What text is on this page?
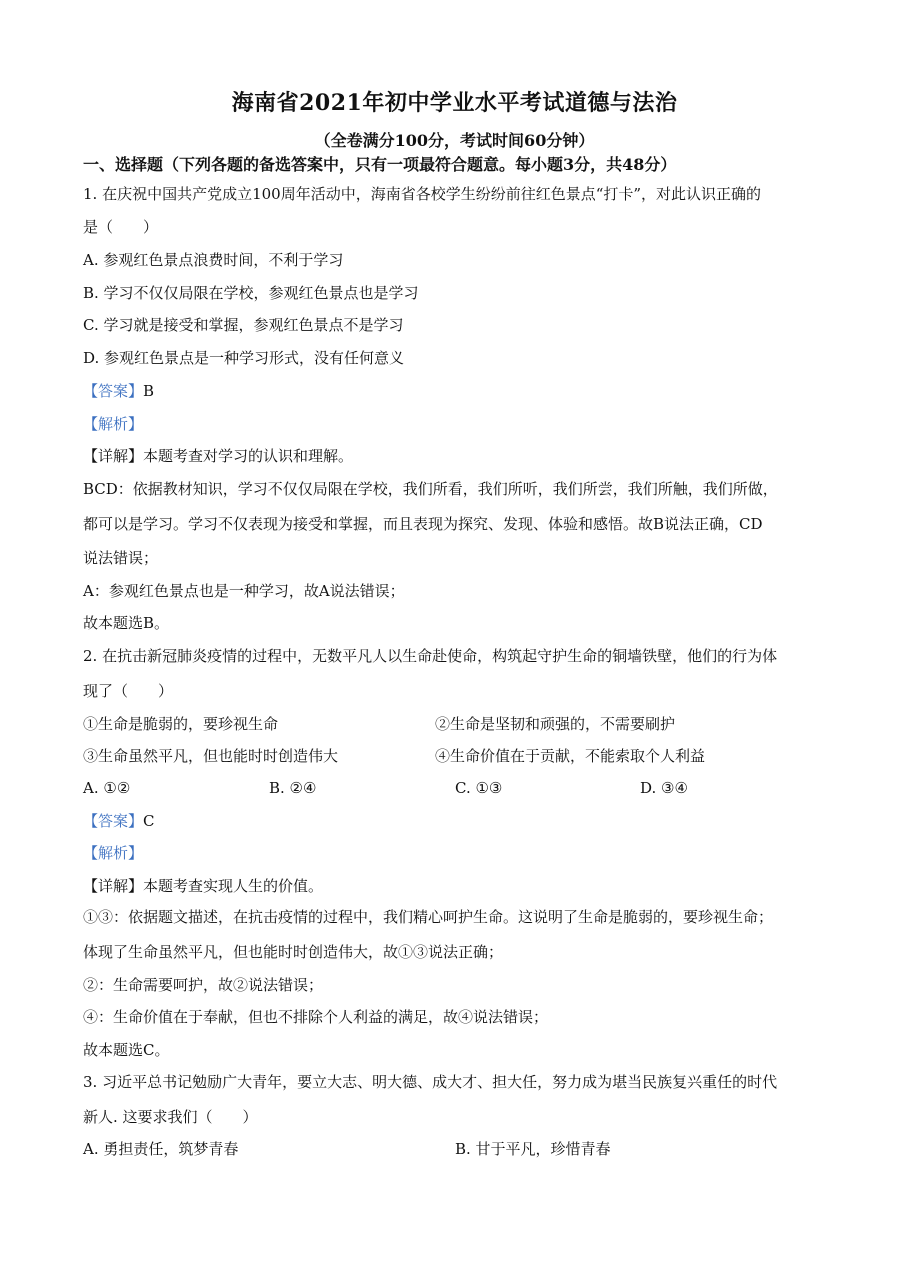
海南省2021年初中学业水平考试道德与法治
（全卷满分100分，考试时间60分钟）
一、选择题（下列各题的备选答案中，只有一项最符合题意。每小题3分，共48分）
1. 在庆祝中国共产党成立100周年活动中，海南省各校学生纷纷前往红色景点“打卡”，对此认识正确的
是（　　）
A. 参观红色景点浪费时间，不利于学习
B. 学习不仅仅局限在学校，参观红色景点也是学习
C. 学习就是接受和掌握，参观红色景点不是学习
D. 参观红色景点是一种学习形式，没有任何意义
【答案】B
【解析】
【详解】本题考查对学习的认识和理解。
BCD：依据教材知识，学习不仅仅局限在学校，我们所看，我们所听，我们所尝，我们所触，我们所做，
都可以是学习。学习不仅表现为接受和掌握，而且表现为探究、发现、体验和感悟。故B说法正确，CD
说法错误；
A：参观红色景点也是一种学习，故A说法错误；
故本题选B。
2. 在抗击新冠肺炎疫情的过程中，无数平凡人以生命赴使命，构筑起守护生命的铜墙铁壁，他们的行为体
现了（　　）
①生命是脆弱的，要珍视生命	②生命是坚韧和顽强的，不需要刷护
③生命虽然平凡，但也能时时创造伟大	④生命价值在于贡献，不能索取个人利益
A. ①②	B. ②④	C. ①③	D. ③④
【答案】C
【解析】
【详解】本题考查实现人生的价值。
①③：依据题文描述，在抗击疫情的过程中，我们精心呵护生命。这说明了生命是脆弱的，要珍视生命；
体现了生命虽然平凡，但也能时时创造伟大，故①③说法正确；
②：生命需要呵护，故②说法错误；
④：生命价值在于奉献，但也不排除个人利益的满足，故④说法错误；
故本题选C。
3. 习近平总书记勉励广大青年，要立大志、明大德、成大才、担大任，努力成为堪当民族复兴重任的时代
新人. 这要求我们（　　）
A. 勇担责任，筑梦青春	B. 甘于平凡，珍惜青春
